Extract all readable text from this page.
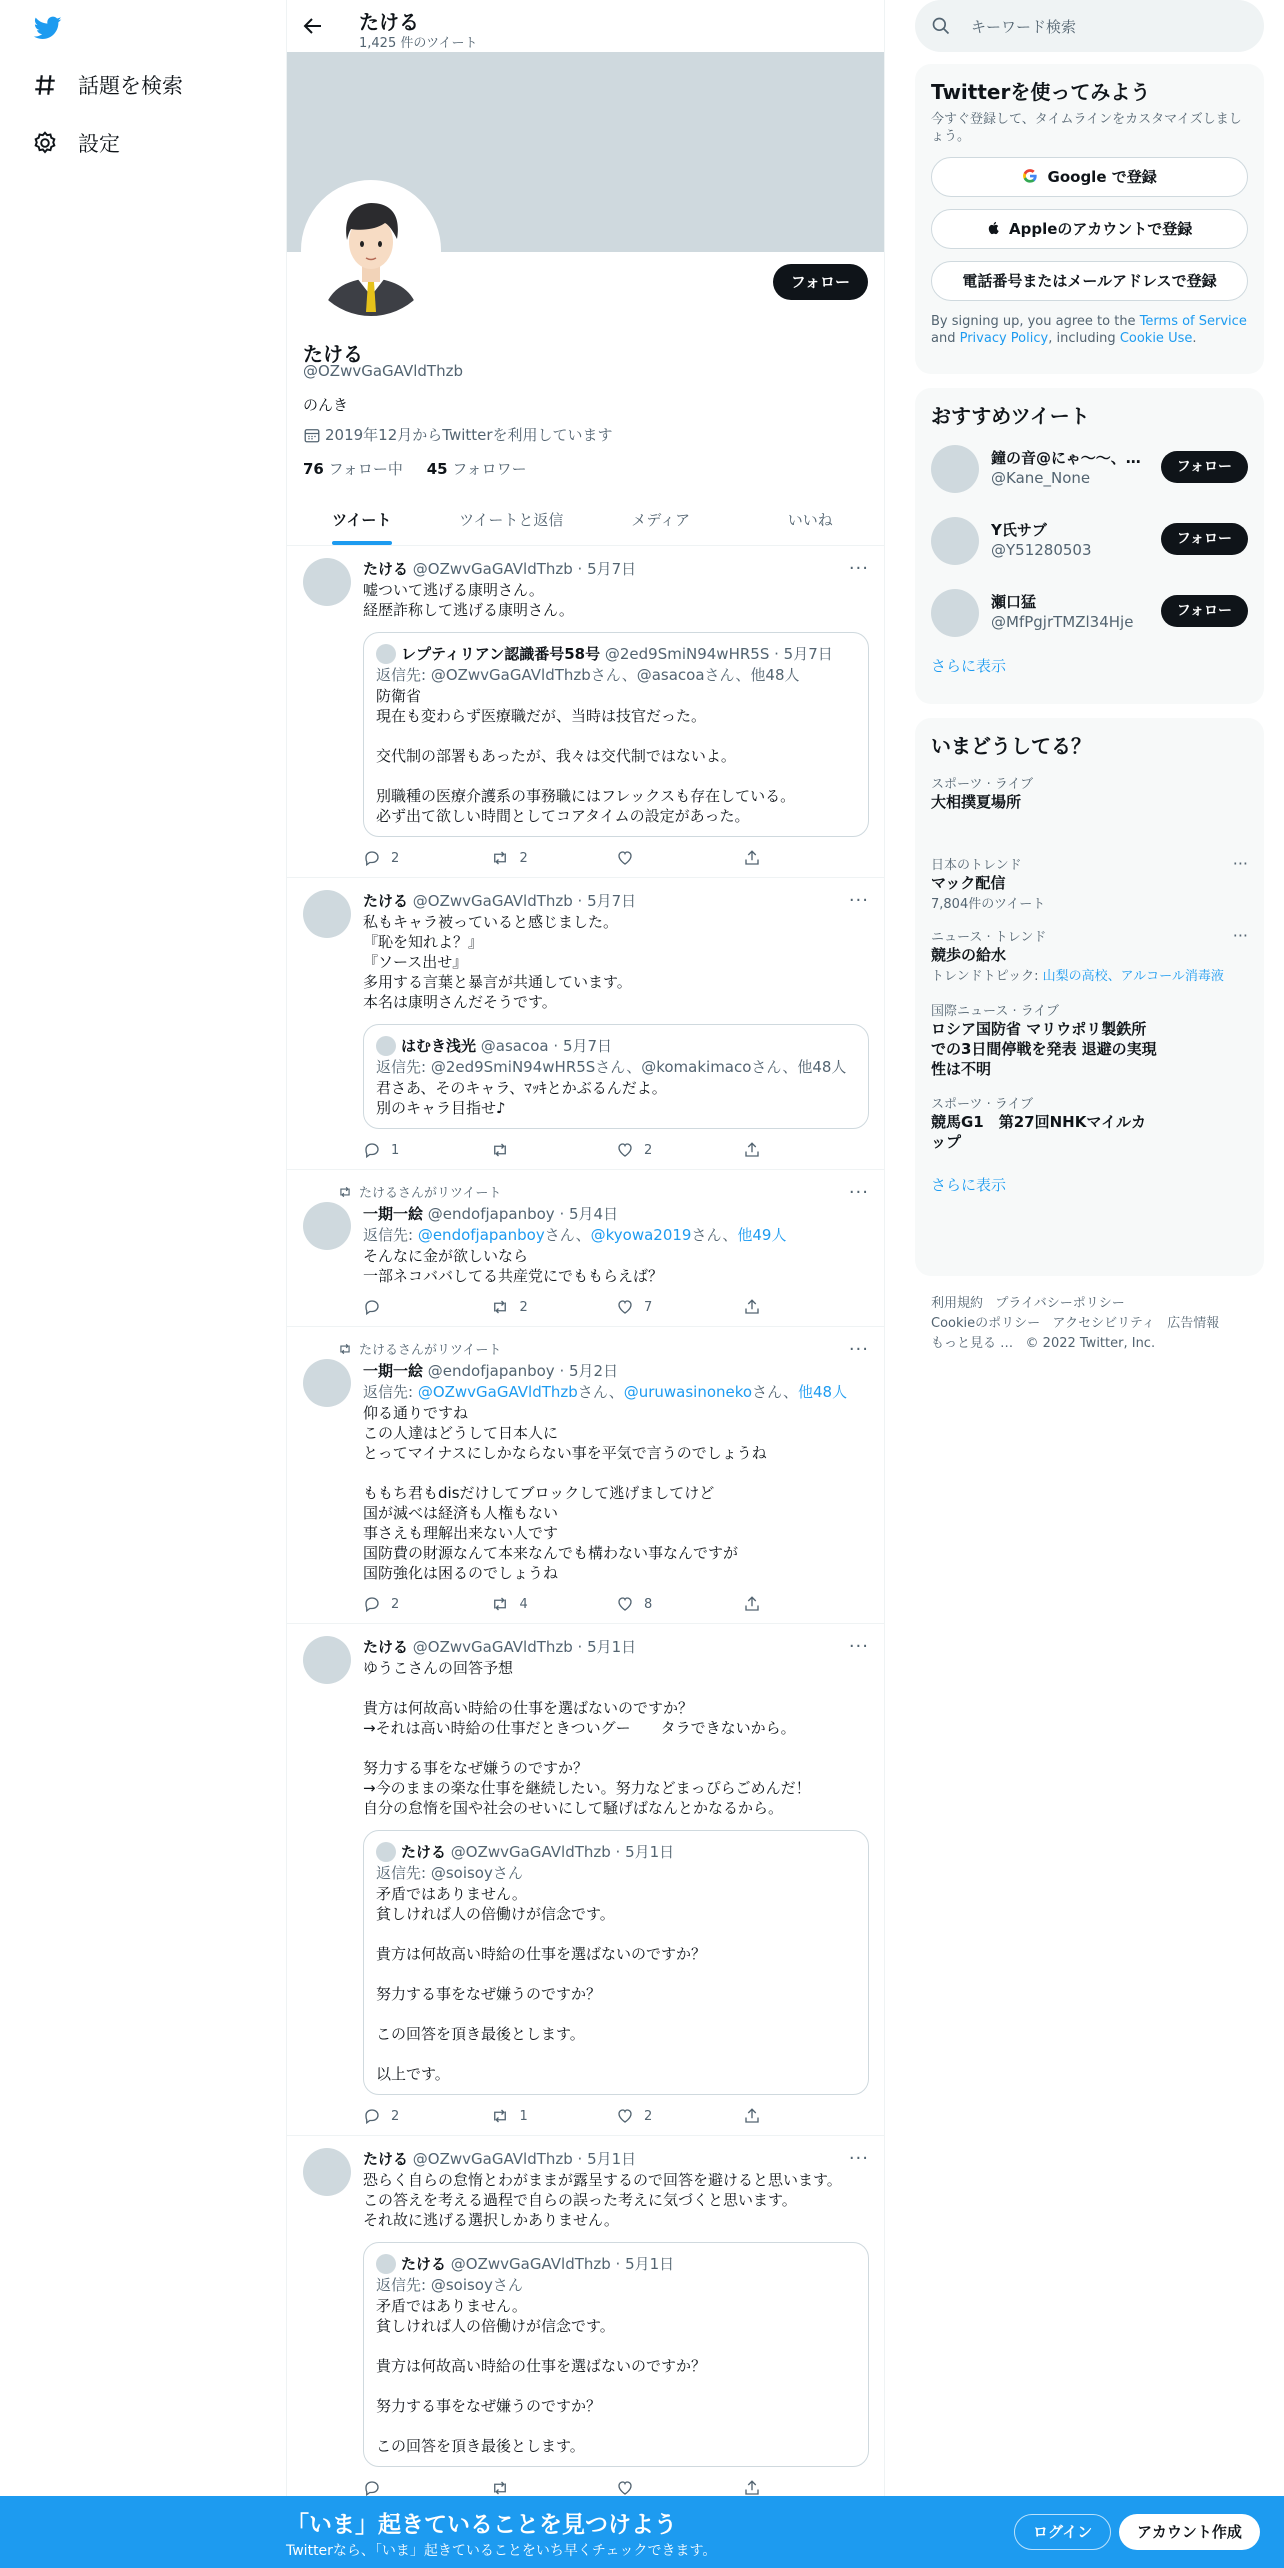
話題を検索
設定
たける
1,425 件のツイート
フォロー
たける
@OZwvGaGAVldThzb
のんき
2019年12月からTwitterを利用しています
76 フォロー中 45 フォロワー
ツイート	ツイートと返信	メディア	いいね
···
たける @OZwvGaGAVldThzb · 5月7日
嘘ついて逃げる康明さん。
経歴詐称して逃げる康明さん。
レプティリアン認識番号58号
@2ed9SmiN94wHR5S · 5月7日
返信先: @OZwvGaGAVldThzbさん、@asacoaさん、他48人
防衛省
現在も変わらず医療職だが、当時は技官だった。

交代制の部署もあったが、我々は交代制ではないよ。

別職種の医療介護系の事務職にはフレックスも存在している。
必ず出て欲しい時間としてコアタイムの設定があった。
2	2
···
たける @OZwvGaGAVldThzb · 5月7日
私もキャラ被っていると感じました。
『恥を知れよ？』
『ソース出せ』
多用する言葉と暴言が共通しています。
本名は康明さんだそうです。
はむき浅光
@asacoa · 5月7日
返信先: @2ed9SmiN94wHR5Sさん、@komakimacoさん、他48人
君さあ、そのキャラ、ﾏｯｷとかぶるんだよ。
別のキャラ目指せ♪
1	2
たけるさんがリツイート	···
一期一絵 @endofjapanboy · 5月4日
返信先: @endofjapanboyさん、@kyowa2019さん、他49人
そんなに金が欲しいなら
一部ネコババしてる共産党にでももらえば？
2	7
たけるさんがリツイート	···
一期一絵 @endofjapanboy · 5月2日
返信先: @OZwvGaGAVldThzbさん、@uruwasinonekoさん、他48人
仰る通りですね
この人達はどうして日本人に
とってマイナスにしかならない事を平気で言うのでしょうね

ももち君もdisだけしてブロックして逃げましてけど
国が滅べは経済も人権もない
事さえも理解出来ない人です
国防費の財源なんて本来なんでも構わない事なんですが
国防強化は困るのでしょうね
2	4	8
···
たける @OZwvGaGAVldThzb · 5月1日
ゆうこさんの回答予想

貴方は何故高い時給の仕事を選ばないのですか？
→それは高い時給の仕事だときついグー　　タラできないから。

努力する事をなぜ嫌うのですか？
→今のままの楽な仕事を継続したい。努力などまっぴらごめんだ！
自分の怠惰を国や社会のせいにして騒げばなんとかなるから。
たける
@OZwvGaGAVldThzb · 5月1日
返信先: @soisoyさん
矛盾ではありません。
貧しければ人の倍働けが信念です。

貴方は何故高い時給の仕事を選ばないのですか？

努力する事をなぜ嫌うのですか？

この回答を頂き最後とします。

以上です。
2	1	2
···
たける @OZwvGaGAVldThzb · 5月1日
恐らく自らの怠惰とわがままが露呈するので回答を避けると思います。
この答えを考える過程で自らの誤った考えに気づくと思います。
それ故に逃げる選択しかありません。
たける
@OZwvGaGAVldThzb · 5月1日
返信先: @soisoyさん
矛盾ではありません。
貧しければ人の倍働けが信念です。

貴方は何故高い時給の仕事を選ばないのですか？

努力する事をなぜ嫌うのですか？

この回答を頂き最後とします。
キーワード検索
Twitterを使ってみよう
今すぐ登録して、タイムラインをカスタマイズしましょう。
Google で登録
Appleのアカウントで登録
電話番号またはメールアドレスで登録
By signing up, you agree to the Terms of Service and Privacy Policy, including Cookie Use.
おすすめツイート
鐘の音@にゃ～～、…
@Kane_None
フォロー
Y氏サブ
@Y51280503
フォロー
瀬口猛
@MfPgjrTMZl34Hje
フォロー
さらに表示
いまどうしてる？
スポーツ · ライブ
大相撲夏場所
日本のトレンド
マック配信
7,804件のツイート
···
ニュース · トレンド
競歩の給水
トレンドトピック: 山梨の高校、アルコール消毒液
···
国際ニュース · ライブ
ロシア国防省 マリウポリ製鉄所での3日間停戦を発表 退避の実現性は不明
スポーツ · ライブ
競馬G1　第27回NHKマイルカップ
さらに表示
利用規約 プライバシーポリシー
Cookieのポリシー アクセシビリティ 広告情報
もっと見る … © 2022 Twitter, Inc.
「いま」起きていることを見つけよう
Twitterなら、「いま」起きていることをいち早くチェックできます。
ログイン	アカウント作成
